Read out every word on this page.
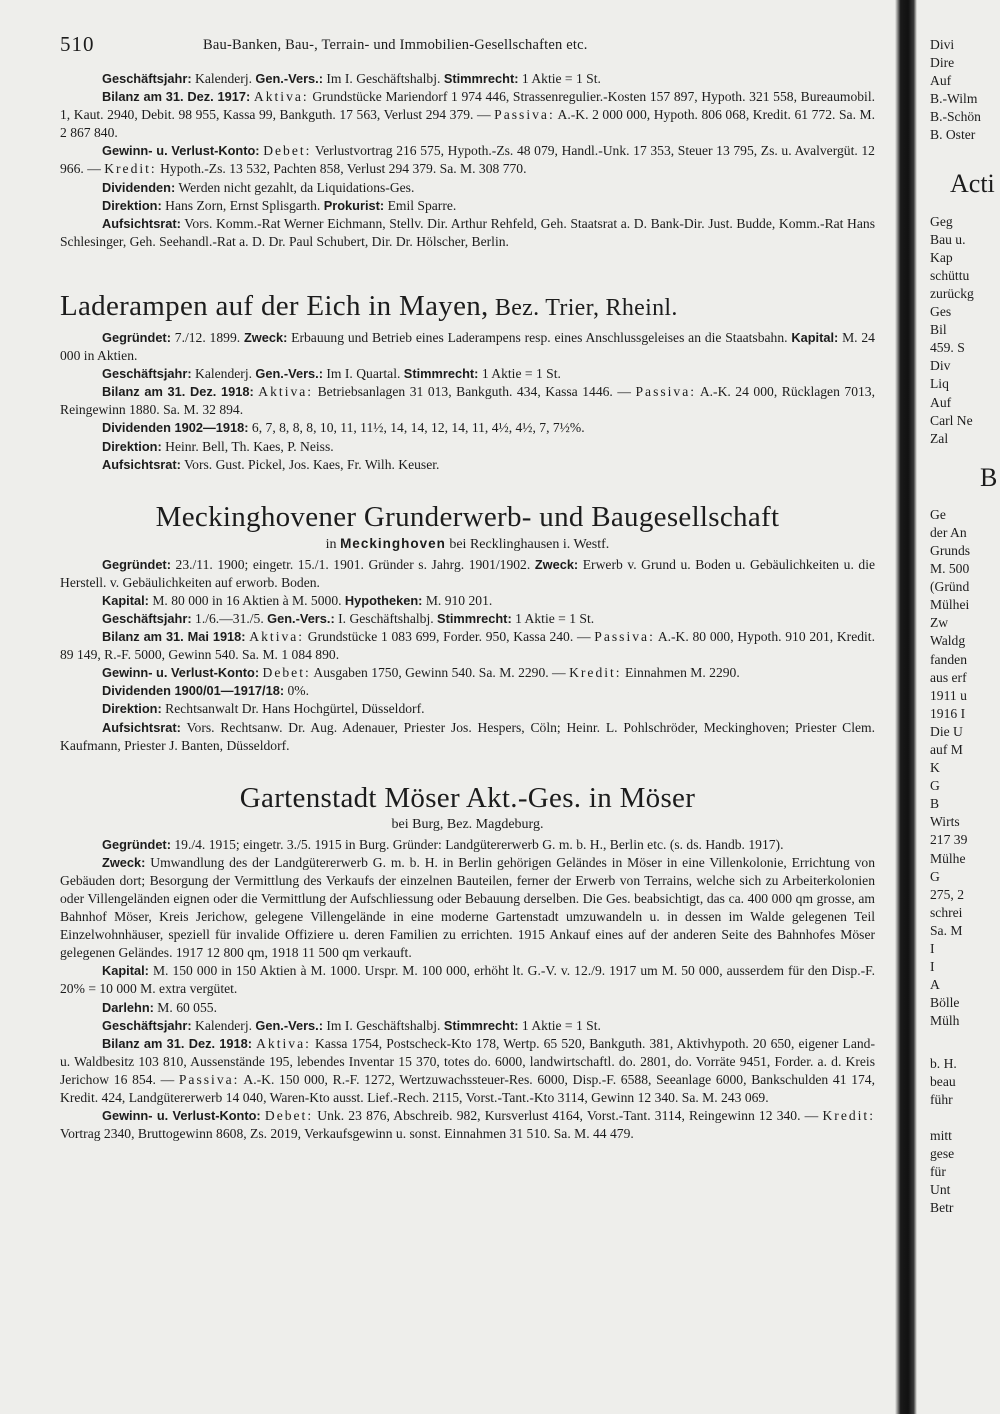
510	Bau-Banken, Bau-, Terrain- und Immobilien-Gesellschaften etc.

Geschäftsjahr: Kalenderj. Gen.-Vers.: Im I. Geschäftshalbj. Stimmrecht: 1 Aktie = 1 St.

Bilanz am 31. Dez. 1917: Aktiva: Grundstücke Mariendorf 1 974 446, Strassenregulier.-Kosten 157 897, Hypoth. 321 558, Bureaumobil. 1, Kaut. 2940, Debit. 98 955, Kassa 99, Bankguth. 17 563, Verlust 294 379. — Passiva: A.-K. 2 000 000, Hypoth. 806 068, Kredit. 61 772. Sa. M. 2 867 840.

Gewinn- u. Verlust-Konto: Debet: Verlustvortrag 216 575, Hypoth.-Zs. 48 079, Handl.-Unk. 17 353, Steuer 13 795, Zs. u. Avalvergüt. 12 966. — Kredit: Hypoth.-Zs. 13 532, Pachten 858, Verlust 294 379. Sa. M. 308 770.

Dividenden: Werden nicht gezahlt, da Liquidations-Ges.

Direktion: Hans Zorn, Ernst Splisgarth. Prokurist: Emil Sparre.

Aufsichtsrat: Vors. Komm.-Rat Werner Eichmann, Stellv. Dir. Arthur Rehfeld, Geh. Staatsrat a. D. Bank-Dir. Just. Budde, Komm.-Rat Hans Schlesinger, Geh. Seehandl.-Rat a. D. Dr. Paul Schubert, Dir. Dr. Hölscher, Berlin.

Laderampen auf der Eich in Mayen, Bez. Trier, Rheinl.

Gegründet: 7./12. 1899. Zweck: Erbauung und Betrieb eines Laderampens resp. eines Anschlussgeleises an die Staatsbahn. Kapital: M. 24 000 in Aktien.

Geschäftsjahr: Kalenderj. Gen.-Vers.: Im I. Quartal. Stimmrecht: 1 Aktie = 1 St.

Bilanz am 31. Dez. 1918: Aktiva: Betriebsanlagen 31 013, Bankguth. 434, Kassa 1446. — Passiva: A.-K. 24 000, Rücklagen 7013, Reingewinn 1880. Sa. M. 32 894.

Dividenden 1902—1918: 6, 7, 8, 8, 8, 10, 11, 11½, 14, 14, 12, 14, 11, 4½, 4½, 7, 7½%.

Direktion: Heinr. Bell, Th. Kaes, P. Neiss.

Aufsichtsrat: Vors. Gust. Pickel, Jos. Kaes, Fr. Wilh. Keuser.

Meckinghovener Grunderwerb- und Baugesellschaft
in Meckinghoven bei Recklinghausen i. Westf.

Gegründet: 23./11. 1900; eingetr. 15./1. 1901. Gründer s. Jahrg. 1901/1902. Zweck: Erwerb v. Grund u. Boden u. Gebäulichkeiten u. die Herstell. v. Gebäulichkeiten auf erworb. Boden.

Kapital: M. 80 000 in 16 Aktien à M. 5000. Hypotheken: M. 910 201.

Geschäftsjahr: 1./6.—31./5. Gen.-Vers.: I. Geschäftshalbj. Stimmrecht: 1 Aktie = 1 St.

Bilanz am 31. Mai 1918: Aktiva: Grundstücke 1 083 699, Forder. 950, Kassa 240. — Passiva: A.-K. 80 000, Hypoth. 910 201, Kredit. 89 149, R.-F. 5000, Gewinn 540. Sa. M. 1 084 890.

Gewinn- u. Verlust-Konto: Debet: Ausgaben 1750, Gewinn 540. Sa. M. 2290. — Kredit: Einnahmen M. 2290.

Dividenden 1900/01—1917/18: 0%.

Direktion: Rechtsanwalt Dr. Hans Hochgürtel, Düsseldorf.

Aufsichtsrat: Vors. Rechtsanw. Dr. Aug. Adenauer, Priester Jos. Hespers, Cöln; Heinr. L. Pohlschröder, Meckinghoven; Priester Clem. Kaufmann, Priester J. Banten, Düsseldorf.

Gartenstadt Möser Akt.-Ges. in Möser
bei Burg, Bez. Magdeburg.

Gegründet: 19./4. 1915; eingetr. 3./5. 1915 in Burg. Gründer: Landgütererwerb G. m. b. H., Berlin etc. (s. ds. Handb. 1917).

Zweck: Umwandlung des der Landgütererwerb G. m. b. H. in Berlin gehörigen Geländes in Möser in eine Villenkolonie, Errichtung von Gebäuden dort; Besorgung der Vermittlung des Verkaufs der einzelnen Bauteilen, ferner der Erwerb von Terrains, welche sich zu Arbeiterkolonien oder Villengeländen eignen oder die Vermittlung der Aufschliessung oder Bebauung derselben. Die Ges. beabsichtigt, das ca. 400 000 qm grosse, am Bahnhof Möser, Kreis Jerichow, gelegene Villengelände in eine moderne Gartenstadt umzuwandeln u. in dessen im Walde gelegenen Teil Einzelwohnhäuser, speziell für invalide Offiziere u. deren Familien zu errichten. 1915 Ankauf eines auf der anderen Seite des Bahnhofes Möser gelegenen Geländes. 1917 12 800 qm, 1918 11 500 qm verkauft.

Kapital: M. 150 000 in 150 Aktien à M. 1000. Urspr. M. 100 000, erhöht lt. G.-V. v. 12./9. 1917 um M. 50 000, ausserdem für den Disp.-F. 20% = 10 000 M. extra vergütet.

Darlehn: M. 60 055.

Geschäftsjahr: Kalenderj. Gen.-Vers.: Im I. Geschäftshalbj. Stimmrecht: 1 Aktie = 1 St.

Bilanz am 31. Dez. 1918: Aktiva: Kassa 1754, Postscheck-Kto 178, Wertp. 65 520, Bankguth. 381, Aktivhypoth. 20 650, eigener Land- u. Waldbesitz 103 810, Aussenstände 195, lebendes Inventar 15 370, totes do. 6000, landwirtschaftl. do. 2801, do. Vorräte 9451, Forder. a. d. Kreis Jerichow 16 854. — Passiva: A.-K. 150 000, R.-F. 1272, Wertzuwachssteuer-Res. 6000, Disp.-F. 6588, Seeanlage 6000, Bankschulden 41 174, Kredit. 424, Landgütererwerb 14 040, Waren-Kto ausst. Lief.-Rech. 2115, Vorst.-Tant.-Kto 3114, Gewinn 12 340. Sa. M. 243 069.

Gewinn- u. Verlust-Konto: Debet: Unk. 23 876, Abschreib. 982, Kursverlust 4164, Vorst.-Tant. 3114, Reingewinn 12 340. — Kredit: Vortrag 2340, Bruttogewinn 8608, Zs. 2019, Verkaufsgewinn u. sonst. Einnahmen 31 510. Sa. M. 44 479.

Divi
Dire
Auf
B.-Wilm
B.-Schön
B. Oster
Acti
Geg
Bau u.
Kap
schüttu
zurückg
Ges
Bil
459. S
Div
Liq
Auf
Carl Ne
Zal
B
Ge
der An
Grunds
M. 500
(Gründ
Mülhei
Zw
Waldg
fanden
aus erf
1911 u
1916 I
Die U
auf M
K
G
B
Wirts
217 39
Mülhe
G
275, 2
schrei
Sa. M
I
I
A
Bölle
Mülh
b. H.
beau
führ
mitt
gese
für
Unt
Betr
